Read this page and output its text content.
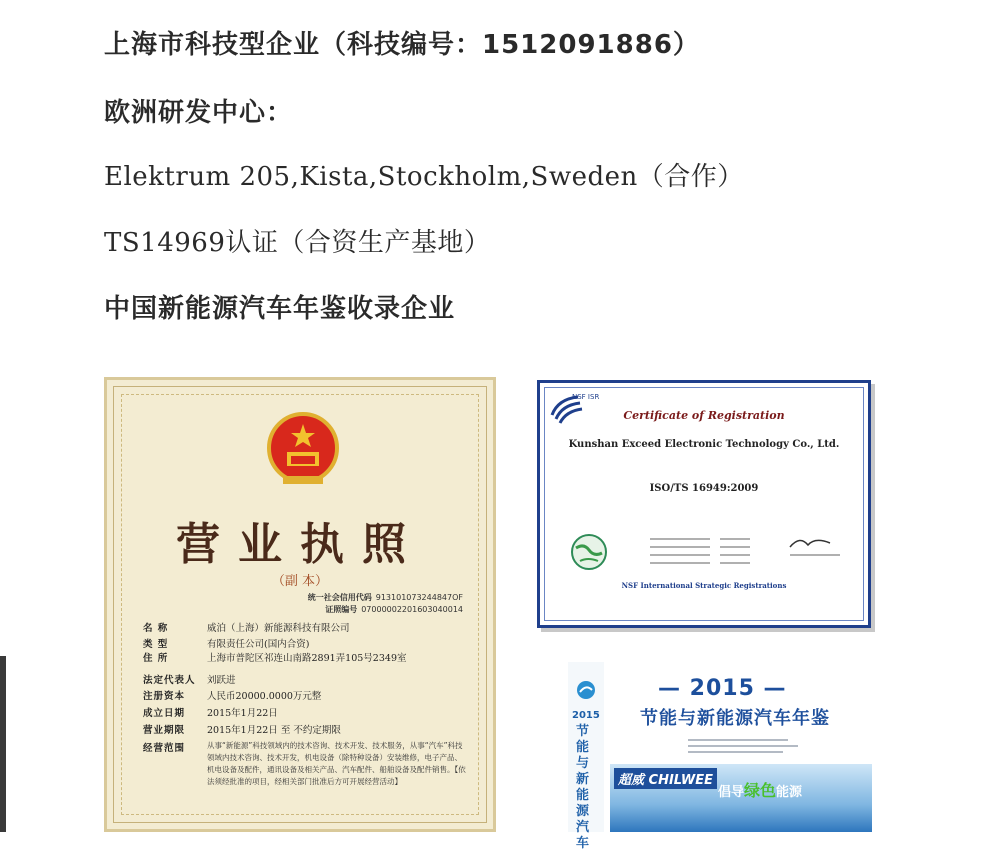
上海市科技型企业（科技编号：1512091886）
欧洲研发中心：
Elektrum 205,Kista,Stockholm,Sweden（合作）
TS14969认证（合资生产基地）
中国新能源汽车年鉴收录企业
营业执照
（副 本）
统一社会信用代码 913101073244847OF
证照编号 07000002201603040014
名 称	威泊（上海）新能源科技有限公司
类 型	有限责任公司(国内合资)
住 所	上海市普陀区祁连山南路2891弄105号2349室
法定代表人 刘跃进
注册资本 人民币20000.0000万元整
成立日期 2015年1月22日
营业期限 2015年1月22日 至 不约定期限
经营范围	从事“新能源”科技领域内的技术咨询、技术开发、技术服务，从事“汽车”科技领域内技术咨询、技术开发，机电设备（除特种设备）安装维修，电子产品、机电设备及配件，通讯设备及相关产品、汽车配件、船舶设备及配件销售。【依法须经批准的项目，经相关部门批准后方可开展经营活动】
NSF ISR
Certificate of Registration
Kunshan Exceed Electronic Technology Co., Ltd.
ISO/TS 16949:2009
NSF International Strategic Registrations
2015
节能与新能源汽车
— 2015 —
节能与新能源汽车年鉴
超威 CHILWEE
倡导绿色能源
